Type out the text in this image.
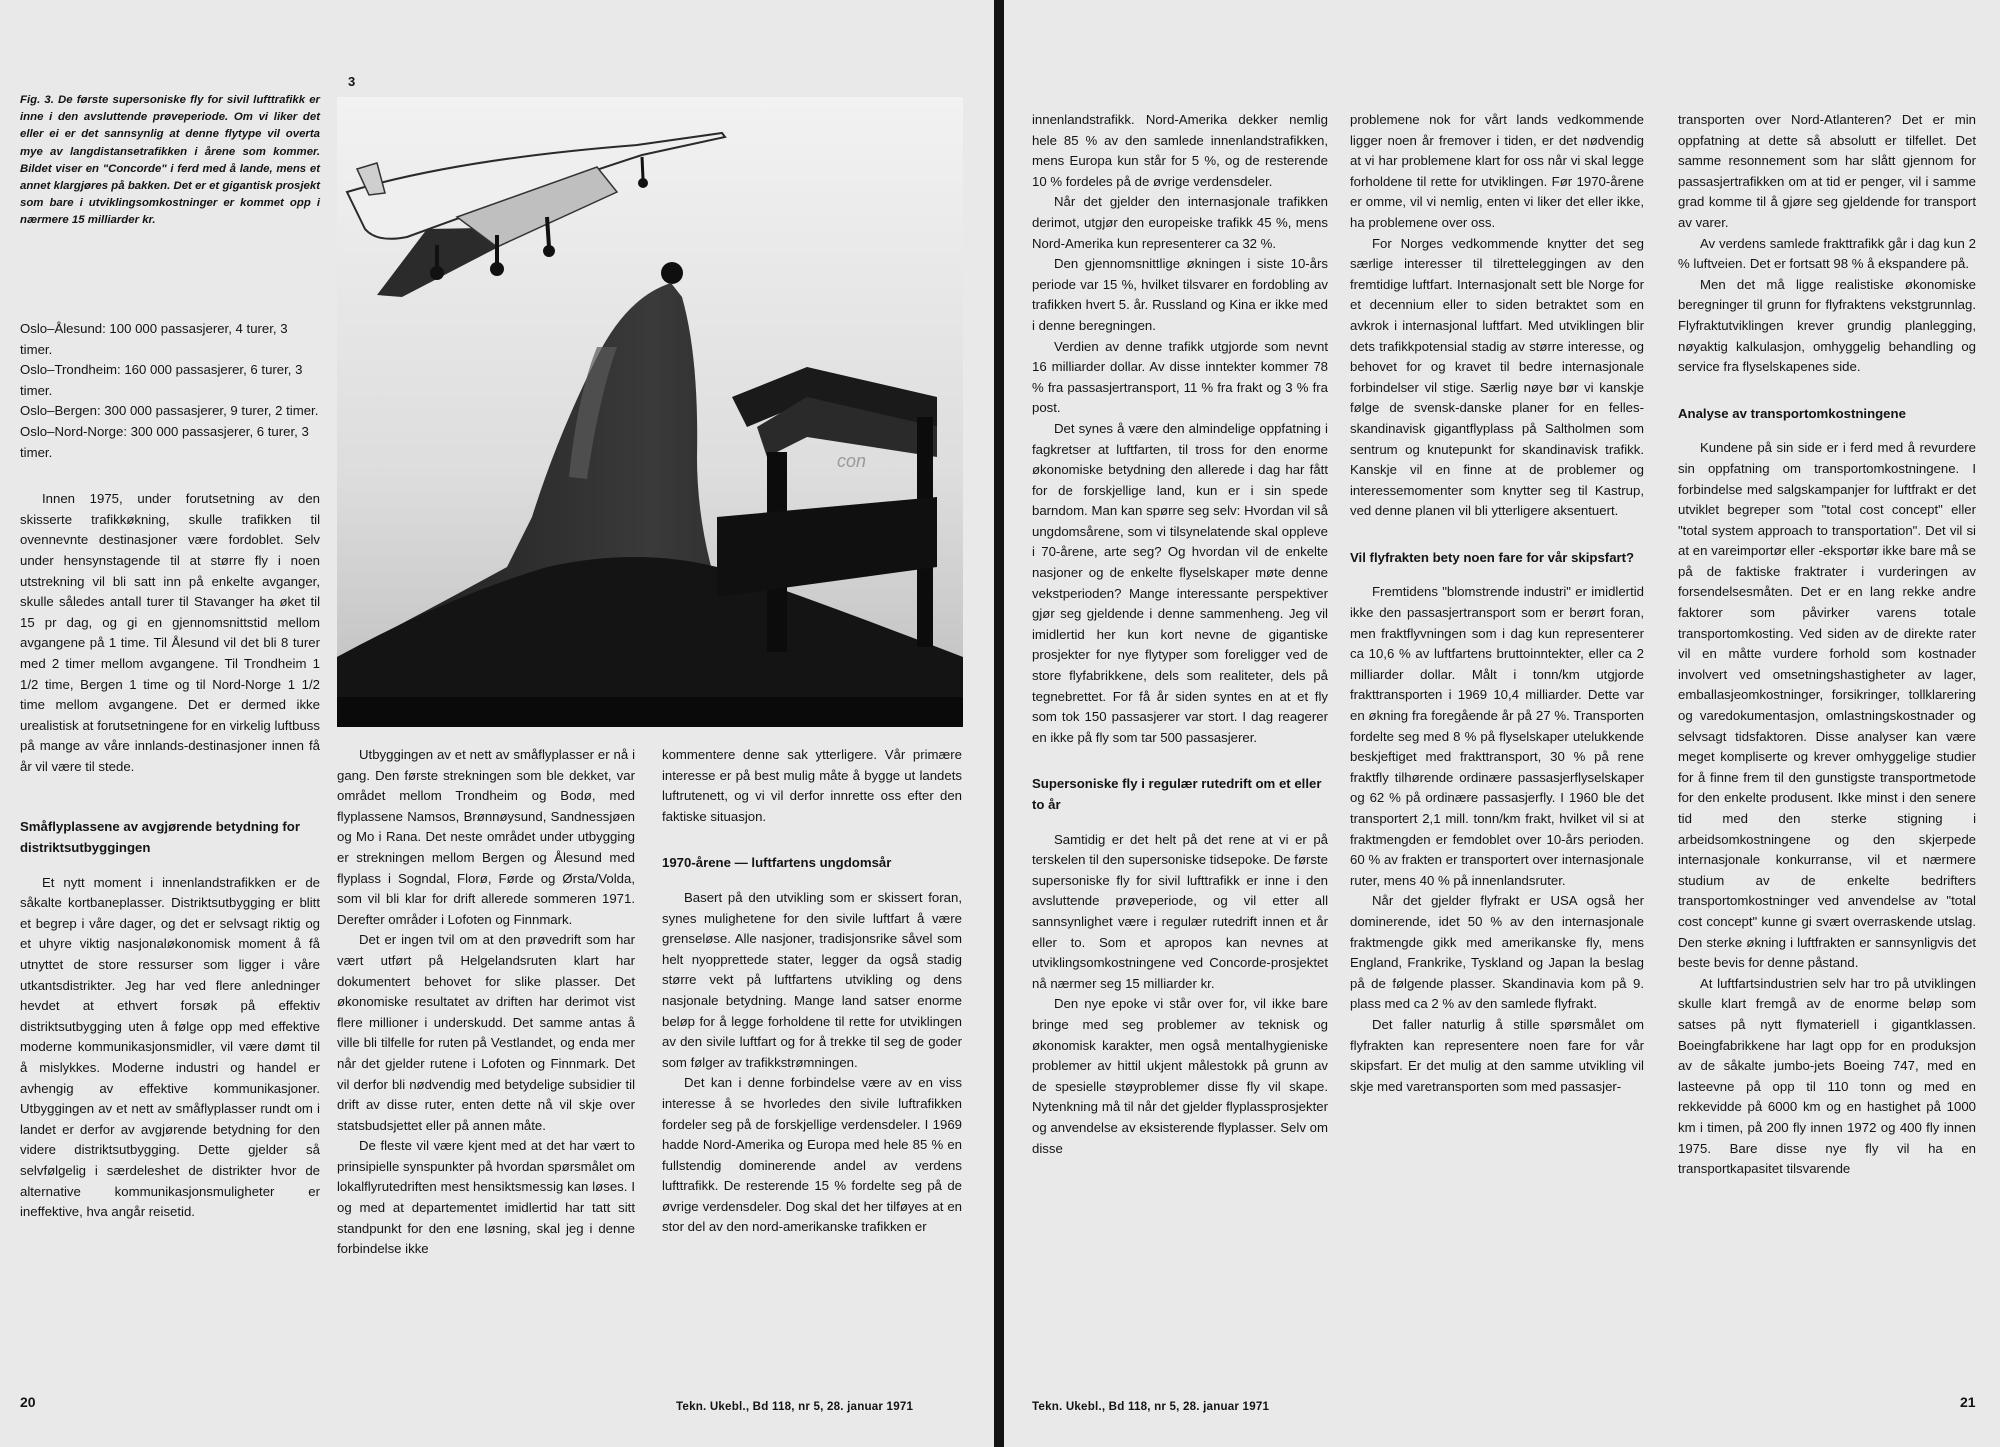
Fig. 3. De første supersoniske fly for sivil lufttrafikk er inne i den avsluttende prøveperiode. Om vi liker det eller ei er det sannsynlig at denne flytype vil overta mye av langdistansetrafikken i årene som kommer. Bildet viser en "Concorde" i ferd med å lande, mens et annet klargjøres på bakken. Det er et gigantisk prosjekt som bare i utviklingsomkostninger er kommet opp i nærmere 15 milliarder kr.
3
con

Oslo–Ålesund: 100 000 passasjerer, 4 turer, 3 timer.

Oslo–Trondheim: 160 000 passasjerer, 6 turer, 3 timer.

Oslo–Bergen: 300 000 passasjerer, 9 turer, 2 timer.

Oslo–Nord-Norge: 300 000 passasjerer, 6 turer, 3 timer.

Innen 1975, under forutsetning av den skisserte trafikkøkning, skulle trafikken til ovennevnte destinasjoner være fordoblet. Selv under hensynstagende til at større fly i noen utstrekning vil bli satt inn på enkelte avganger, skulle således antall turer til Stavanger ha øket til 15 pr dag, og gi en gjennomsnittstid mellom avgangene på 1 time. Til Ålesund vil det bli 8 turer med 2 timer mellom avgangene. Til Trondheim 1 1/2 time, Bergen 1 time og til Nord-Norge 1 1/2 time mellom avgangene. Det er dermed ikke urealistisk at forutsetningene for en virkelig luftbuss på mange av våre innlands-destinasjoner innen få år vil være til stede.

Småflyplassene av avgjørende betydning for distriktsutbyggingen

Et nytt moment i innenlandstrafikken er de såkalte kortbaneplasser. Distriktsutbygging er blitt et begrep i våre dager, og det er selvsagt riktig og et uhyre viktig nasjonaløkonomisk moment å få utnyttet de store ressurser som ligger i våre utkantsdistrikter. Jeg har ved flere anledninger hevdet at ethvert forsøk på effektiv distriktsutbygging uten å følge opp med effektive moderne kommunikasjonsmidler, vil være dømt til å mislykkes. Moderne industri og handel er avhengig av effektive kommunikasjoner. Utbyggingen av et nett av småflyplasser rundt om i landet er derfor av avgjørende betydning for den videre distriktsutbygging. Dette gjelder så selvfølgelig i særdeleshet de distrikter hvor de alternative kommunikasjonsmuligheter er ineffektive, hva angår reisetid.

Utbyggingen av et nett av småflyplasser er nå i gang. Den første strekningen som ble dekket, var området mellom Trondheim og Bodø, med flyplassene Namsos, Brønnøysund, Sandnessjøen og Mo i Rana. Det neste området under utbygging er strekningen mellom Bergen og Ålesund med flyplass i Sogndal, Florø, Førde og Ørsta/Volda, som vil bli klar for drift allerede sommeren 1971. Derefter områder i Lofoten og Finnmark.

Det er ingen tvil om at den prøvedrift som har vært utført på Helgelandsruten klart har dokumentert behovet for slike plasser. Det økonomiske resultatet av driften har derimot vist flere millioner i underskudd. Det samme antas å ville bli tilfelle for ruten på Vestlandet, og enda mer når det gjelder rutene i Lofoten og Finnmark. Det vil derfor bli nødvendig med betydelige subsidier til drift av disse ruter, enten dette nå vil skje over statsbudsjettet eller på annen måte.

De fleste vil være kjent med at det har vært to prinsipielle synspunkter på hvordan spørsmålet om lokalflyrutedriften mest hensiktsmessig kan løses. I og med at departementet imidlertid har tatt sitt standpunkt for den ene løsning, skal jeg i denne forbindelse ikke

kommentere denne sak ytterligere. Vår primære interesse er på best mulig måte å bygge ut landets luftrutenett, og vi vil derfor innrette oss efter den faktiske situasjon.

1970-årene — luftfartens ungdomsår

Basert på den utvikling som er skissert foran, synes mulighetene for den sivile luftfart å være grenseløse. Alle nasjoner, tradisjonsrike såvel som helt nyopprettede stater, legger da også stadig større vekt på luftfartens utvikling og dens nasjonale betydning. Mange land satser enorme beløp for å legge forholdene til rette for utviklingen av den sivile luftfart og for å trekke til seg de goder som følger av trafikkstrømningen.

Det kan i denne forbindelse være av en viss interesse å se hvorledes den sivile luftrafikken fordeler seg på de forskjellige verdensdeler. I 1969 hadde Nord-Amerika og Europa med hele 85 % en fullstendig dominerende andel av verdens lufttrafikk. De resterende 15 % fordelte seg på de øvrige verdensdeler. Dog skal det her tilføyes at en stor del av den nord-amerikanske trafikken er

20	Tekn. Ukebl., Bd 118, nr 5, 28. januar 1971

innenlandstrafikk. Nord-Amerika dekker nemlig hele 85 % av den samlede innenlandstrafikken, mens Europa kun står for 5 %, og de resterende 10 % fordeles på de øvrige verdensdeler.

Når det gjelder den internasjonale trafikken derimot, utgjør den europeiske trafikk 45 %, mens Nord-Amerika kun representerer ca 32 %.

Den gjennomsnittlige økningen i siste 10-års periode var 15 %, hvilket tilsvarer en fordobling av trafikken hvert 5. år. Russland og Kina er ikke med i denne beregningen.

Verdien av denne trafikk utgjorde som nevnt 16 milliarder dollar. Av disse inntekter kommer 78 % fra passasjertransport, 11 % fra frakt og 3 % fra post.

Det synes å være den almindelige oppfatning i fagkretser at luftfarten, til tross for den enorme økonomiske betydning den allerede i dag har fått for de forskjellige land, kun er i sin spede barndom. Man kan spørre seg selv: Hvordan vil så ungdomsårene, som vi tilsynelatende skal oppleve i 70-årene, arte seg? Og hvordan vil de enkelte nasjoner og de enkelte flyselskaper møte denne vekstperioden? Mange interessante perspektiver gjør seg gjeldende i denne sammenheng. Jeg vil imidlertid her kun kort nevne de gigantiske prosjekter for nye flytyper som foreligger ved de store flyfabrikkene, dels som realiteter, dels på tegnebrettet. For få år siden syntes en at et fly som tok 150 passasjerer var stort. I dag reagerer en ikke på fly som tar 500 passasjerer.

Supersoniske fly i regulær rutedrift om et eller to år

Samtidig er det helt på det rene at vi er på terskelen til den supersoniske tidsepoke. De første supersoniske fly for sivil lufttrafikk er inne i den avsluttende prøveperiode, og vil etter all sannsynlighet være i regulær rutedrift innen et år eller to. Som et apropos kan nevnes at utviklingsomkostningene ved Concorde-prosjektet nå nærmer seg 15 milliarder kr.

Den nye epoke vi står over for, vil ikke bare bringe med seg problemer av teknisk og økonomisk karakter, men også mentalhygieniske problemer av hittil ukjent målestokk på grunn av de spesielle støyproblemer disse fly vil skape. Nytenkning må til når det gjelder flyplassprosjekter og anvendelse av eksisterende flyplasser. Selv om disse

problemene nok for vårt lands vedkommende ligger noen år fremover i tiden, er det nødvendig at vi har problemene klart for oss når vi skal legge forholdene til rette for utviklingen. Før 1970-årene er omme, vil vi nemlig, enten vi liker det eller ikke, ha problemene over oss.

For Norges vedkommende knytter det seg særlige interesser til tilretteleggingen av den fremtidige luftfart. Internasjonalt sett ble Norge for et decennium eller to siden betraktet som en avkrok i internasjonal luftfart. Med utviklingen blir dets trafikkpotensial stadig av større interesse, og behovet for og kravet til bedre internasjonale forbindelser vil stige. Særlig nøye bør vi kanskje følge de svensk-danske planer for en felles-skandinavisk gigantflyplass på Saltholmen som sentrum og knutepunkt for skandinavisk trafikk. Kanskje vil en finne at de problemer og interessemomenter som knytter seg til Kastrup, ved denne planen vil bli ytterligere aksentuert.

Vil flyfrakten bety noen fare for vår skipsfart?

Fremtidens "blomstrende industri" er imidlertid ikke den passasjertransport som er berørt foran, men fraktflyvningen som i dag kun representerer ca 10,6 % av luftfartens bruttoinntekter, eller ca 2 milliarder dollar. Målt i tonn/km utgjorde frakttransporten i 1969 10,4 milliarder. Dette var en økning fra foregående år på 27 %. Transporten fordelte seg med 8 % på flyselskaper utelukkende beskjeftiget med frakttransport, 30 % på rene fraktfly tilhørende ordinære passasjerflyselskaper og 62 % på ordinære passasjerfly. I 1960 ble det transportert 2,1 mill. tonn/km frakt, hvilket vil si at fraktmengden er femdoblet over 10-års perioden. 60 % av frakten er transportert over internasjonale ruter, mens 40 % på innenlandsruter.

Når det gjelder flyfrakt er USA også her dominerende, idet 50 % av den internasjonale fraktmengde gikk med amerikanske fly, mens England, Frankrike, Tyskland og Japan la beslag på de følgende plasser. Skandinavia kom på 9. plass med ca 2 % av den samlede flyfrakt.

Det faller naturlig å stille spørsmålet om flyfrakten kan representere noen fare for vår skipsfart. Er det mulig at den samme utvikling vil skje med varetransporten som med passasjer-

transporten over Nord-Atlanteren? Det er min oppfatning at dette så absolutt er tilfellet. Det samme resonnement som har slått gjennom for passasjertrafikken om at tid er penger, vil i samme grad komme til å gjøre seg gjeldende for transport av varer.

Av verdens samlede frakttrafikk går i dag kun 2 % luftveien. Det er fortsatt 98 % å ekspandere på.

Men det må ligge realistiske økonomiske beregninger til grunn for flyfraktens vekstgrunnlag. Flyfraktutviklingen krever grundig planlegging, nøyaktig kalkulasjon, omhyggelig behandling og service fra flyselskapenes side.

Analyse av transportomkostningene

Kundene på sin side er i ferd med å revurdere sin oppfatning om transportomkostningene. I forbindelse med salgskampanjer for luftfrakt er det utviklet begreper som "total cost concept" eller "total system approach to transportation". Det vil si at en vareimportør eller -eksportør ikke bare må se på de faktiske fraktrater i vurderingen av forsendelsesmåten. Det er en lang rekke andre faktorer som påvirker varens totale transportomkosting. Ved siden av de direkte rater vil en måtte vurdere forhold som kostnader involvert ved omsetningshastigheter av lager, emballasjeomkostninger, forsikringer, tollklarering og varedokumentasjon, omlastningskostnader og selvsagt tidsfaktoren. Disse analyser kan være meget kompliserte og krever omhyggelige studier for å finne frem til den gunstigste transportmetode for den enkelte produsent. Ikke minst i den senere tid med den sterke stigning i arbeidsomkostningene og den skjerpede internasjonale konkurranse, vil et nærmere studium av de enkelte bedrifters transportomkostninger ved anvendelse av "total cost concept" kunne gi svært overraskende utslag. Den sterke økning i luftfrakten er sannsynligvis det beste bevis for denne påstand.

At luftfartsindustrien selv har tro på utviklingen skulle klart fremgå av de enorme beløp som satses på nytt flymateriell i gigantklassen. Boeingfabrikkene har lagt opp for en produksjon av de såkalte jumbo-jets Boeing 747, med en lasteevne på opp til 110 tonn og med en rekkevidde på 6000 km og en hastighet på 1000 km i timen, på 200 fly innen 1972 og 400 fly innen 1975. Bare disse nye fly vil ha en transportkapasitet tilsvarende

Tekn. Ukebl., Bd 118, nr 5, 28. januar 1971	21
